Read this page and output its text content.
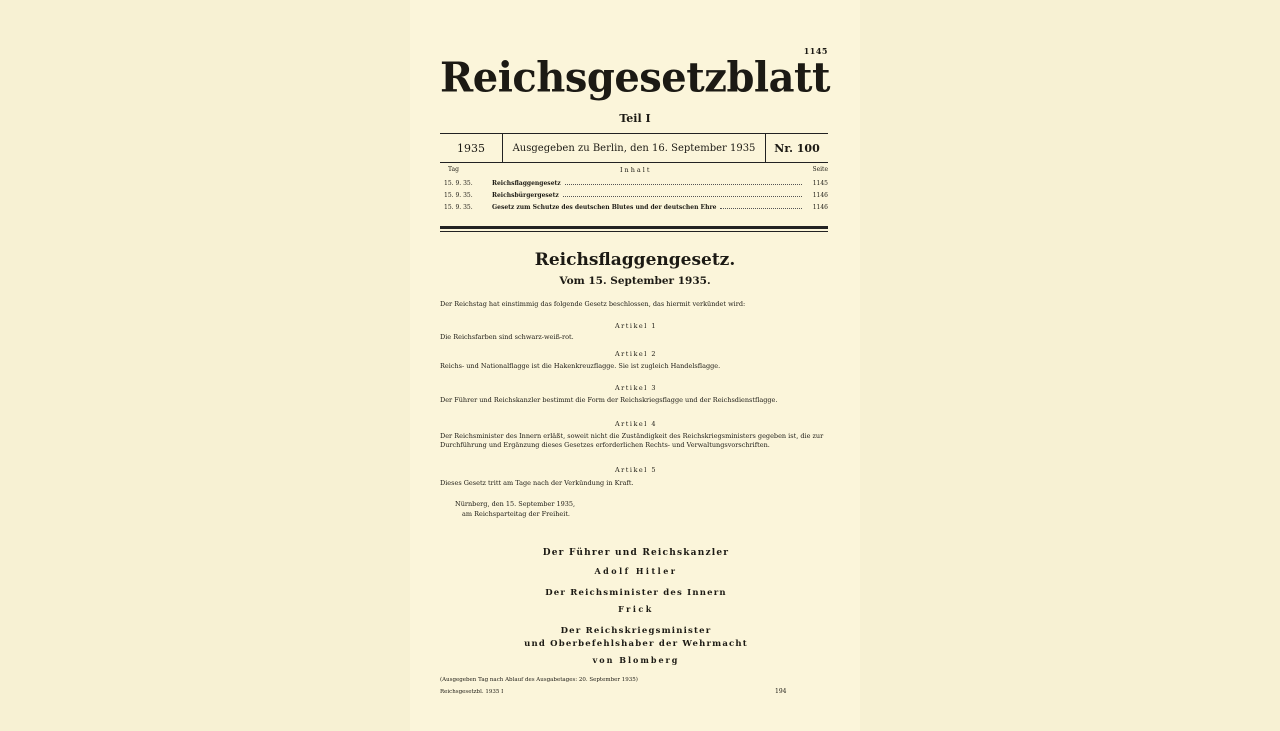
1145
Reichsgesetzblatt
Teil I
1935	Ausgegeben zu Berlin, den 16. September 1935	Nr. 100
Tag	Inhalt	Seite
15. 9. 35.	Reichsflaggengesetz	1145
15. 9. 35.	Reichsbürgergesetz	1146
15. 9. 35.	Gesetz zum Schutze des deutschen Blutes und der deutschen Ehre	1146
Reichsflaggengesetz.
Vom 15. September 1935.
Der Reichstag hat einstimmig das folgende Gesetz beschlossen, das hiermit verkündet wird:
Artikel 1
Die Reichsfarben sind schwarz-weiß-rot.
Artikel 2
Reichs- und Nationalflagge ist die Hakenkreuzflagge. Sie ist zugleich Handelsflagge.
Artikel 3
Der Führer und Reichskanzler bestimmt die Form der Reichskriegsflagge und der Reichsdienstflagge.
Artikel 4
Der Reichsminister des Innern erläßt, soweit nicht die Zuständigkeit des Reichskriegsministers gegeben ist, die zur Durchführung und Ergänzung dieses Gesetzes erforderlichen Rechts- und Verwaltungsvorschriften.
Artikel 5
Dieses Gesetz tritt am Tage nach der Verkündung in Kraft.
Nürnberg, den 15. September 1935,
am Reichsparteitag der Freiheit.
Der Führer und Reichskanzler
Adolf Hitler
Der Reichsminister des Innern
Frick
Der Reichskriegsminister
und Oberbefehlshaber der Wehrmacht
von Blomberg
(Ausgegeben Tag nach Ablauf des Ausgabetages: 20. September 1935)
Reichsgesetzbl. 1935 I	194
